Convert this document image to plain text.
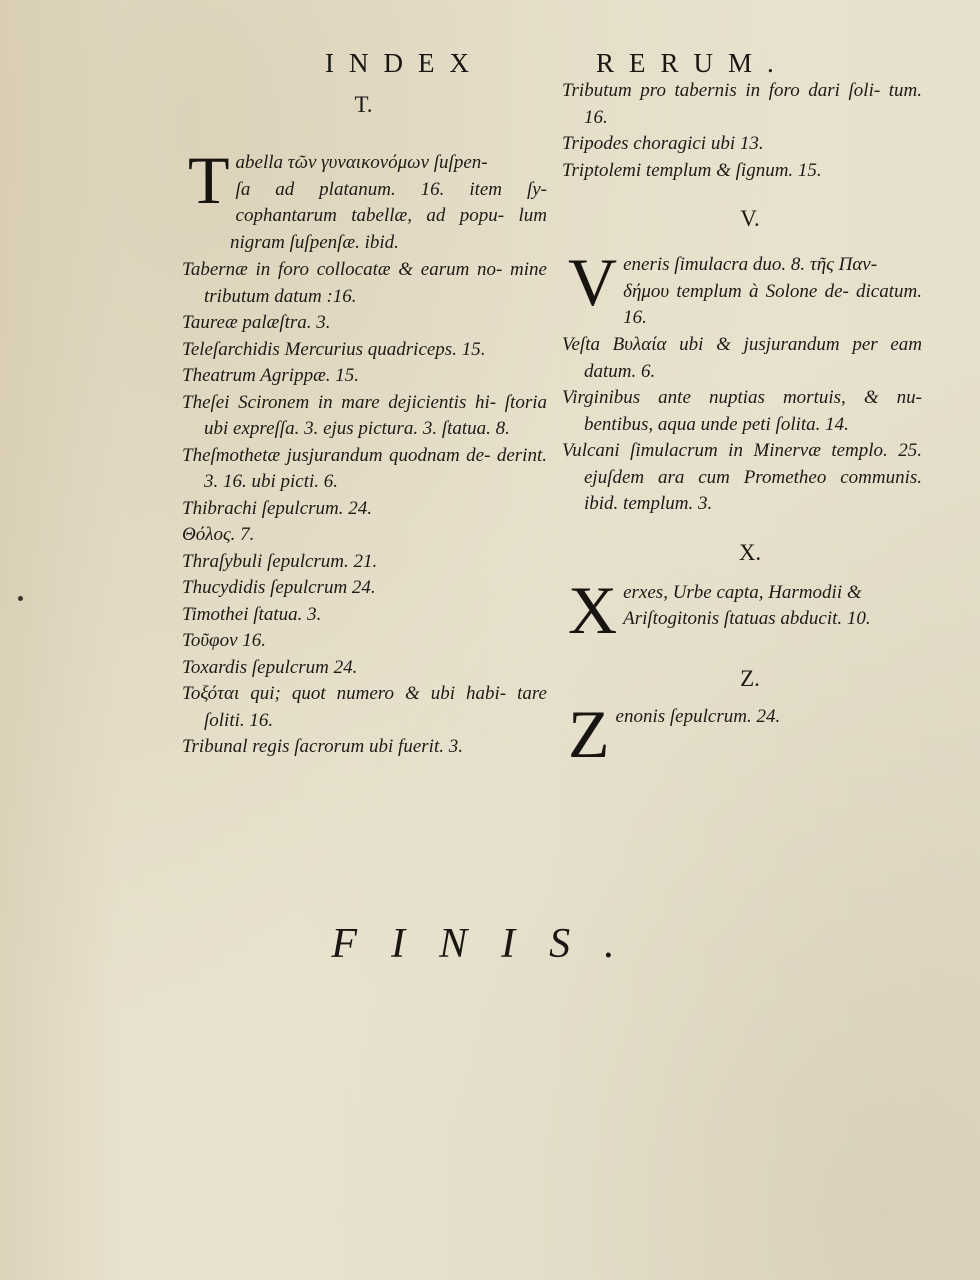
INDEX	RERUM.
T.
T abella τῶν γυναικονόμων ſuſpen-
ſa ad platanum. 16. item ſy- cophantarum tabellæ, ad popu- lum nigram ſuſpenſæ. ibid.
Tabernæ in foro collocatæ & earum no- mine tributum datum :16.
Taureæ palæſtra. 3.
Teleſarchidis Mercurius quadriceps. 15.
Theatrum Agrippæ. 15.
Theſei Scironem in mare dejicientis hi- ſtoria ubi expreſſa. 3. ejus pictura. 3. ſtatua. 8.
Theſmothetæ jusjurandum quodnam de- derint. 3. 16. ubi picti. 6.
Thibrachi ſepulcrum. 24.
Θόλος. 7.
Thraſybuli ſepulcrum. 21.
Thucydidis ſepulcrum 24.
Timothei ſtatua. 3.
Τοῦφον 16.
Toxardis ſepulcrum 24.
Τοξόται qui; quot numero & ubi habi- tare ſoliti. 16.
Tribunal regis ſacrorum ubi fuerit. 3.
Tributum pro tabernis in foro dari ſoli- tum. 16.
Tripodes choragici ubi 13.
Triptolemi templum & ſignum. 15.
V.
V eneris ſimulacra duo. 8. τῆς Παν-
δήμου templum à Solone de- dicatum. 16.
Veſta Βυλαία ubi & jusjurandum per eam datum. 6.
Virginibus ante nuptias mortuis, & nu- bentibus, aqua unde peti ſolita. 14.
Vulcani ſimulacrum in Minervæ templo. 25. ejuſdem ara cum Prometheo communis. ibid. templum. 3.
X.
X erxes, Urbe capta, Harmodii &
Ariſtogitonis ſtatuas abducit. 10.
Z.
Z enonis ſepulcrum. 24.
FINIS.
